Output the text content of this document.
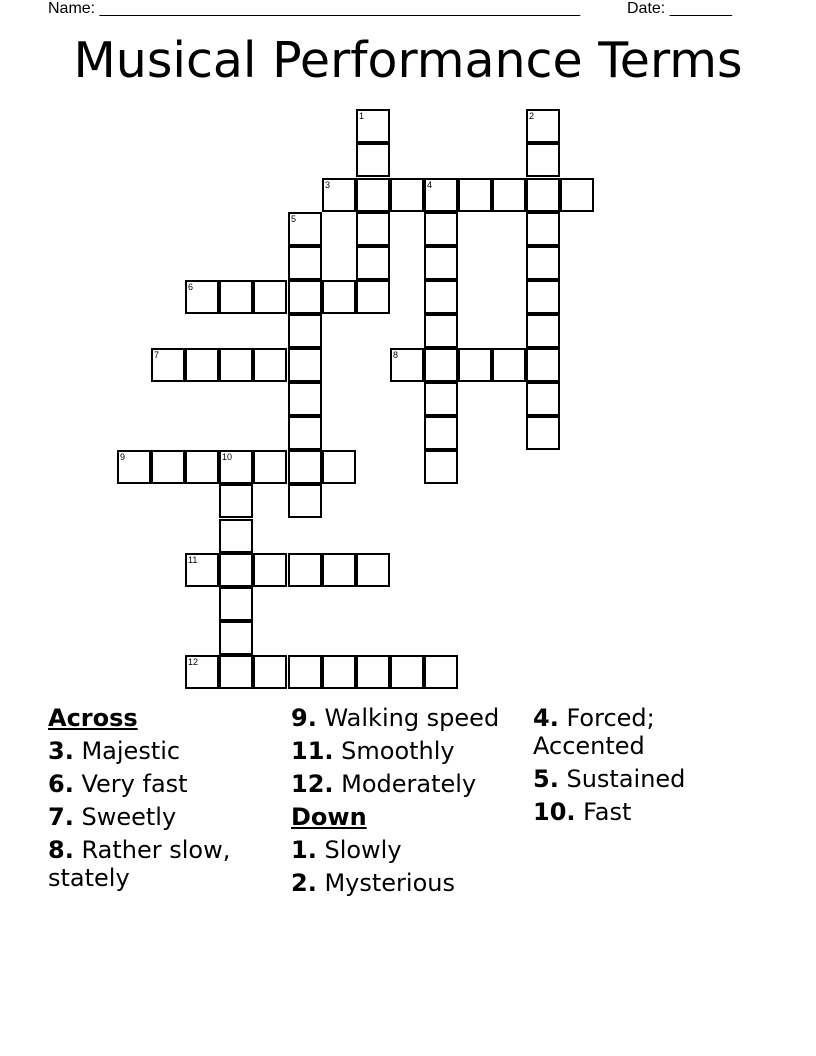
Name: ______________________________________________________	Date: _______
Musical Performance Terms
1	2
3	4
5
6
7	8
9	10
11
12
Across
3. Majestic
6. Very fast
7. Sweetly
8. Rather slow, stately
9. Walking speed
11. Smoothly
12. Moderately
Down
1. Slowly
2. Mysterious
4. Forced; Accented
5. Sustained
10. Fast
